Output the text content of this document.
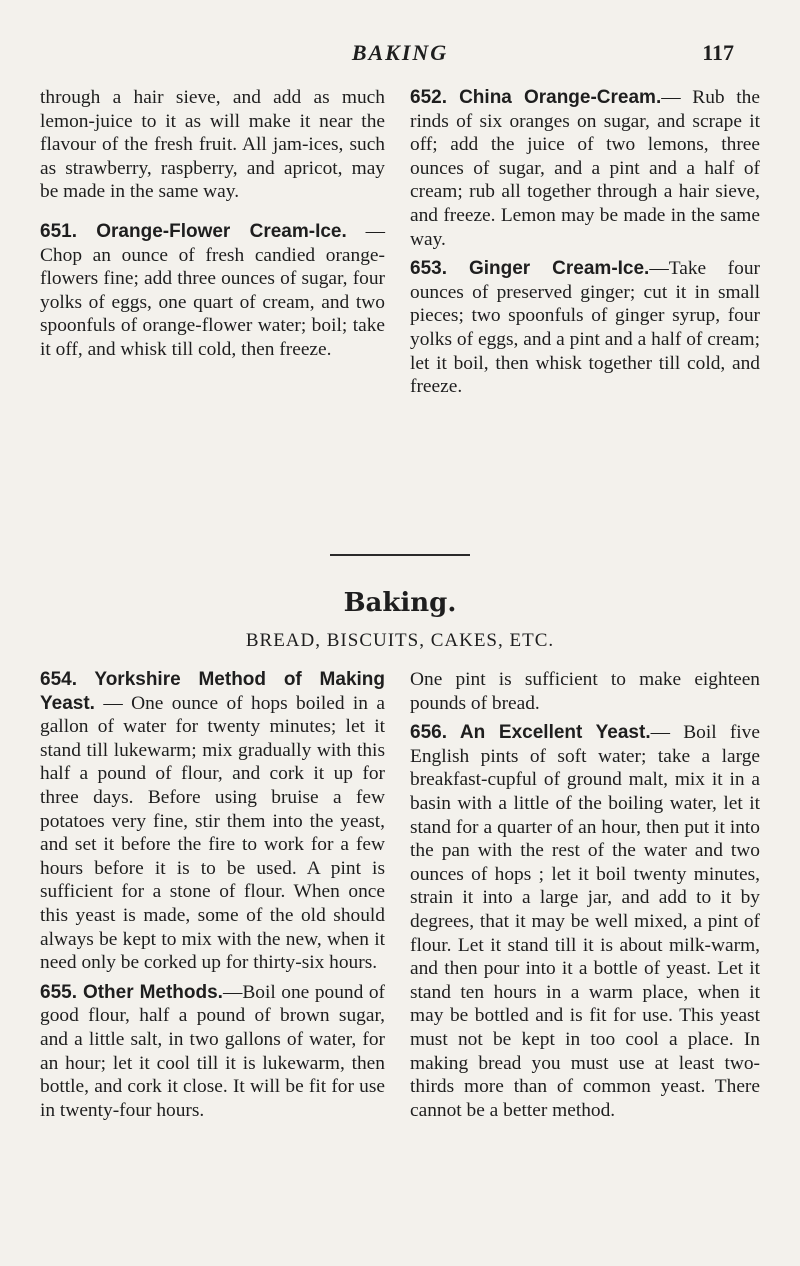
BAKING	117

through a hair sieve, and add as much lemon-juice to it as will make it near the flavour of the fresh fruit. All jam-ices, such as strawberry, raspberry, and apricot, may be made in the same way.

651. Orange-Flower Cream-Ice. — Chop an ounce of fresh candied orange-flowers fine; add three ounces of sugar, four yolks of eggs, one quart of cream, and two spoonfuls of orange-flower water; boil; take it off, and whisk till cold, then freeze.

652. China Orange-Cream.— Rub the rinds of six oranges on sugar, and scrape it off; add the juice of two lemons, three ounces of sugar, and a pint and a half of cream; rub all together through a hair sieve, and freeze. Lemon may be made in the same way.

653. Ginger Cream-Ice.—Take four ounces of preserved ginger; cut it in small pieces; two spoonfuls of ginger syrup, four yolks of eggs, and a pint and a half of cream; let it boil, then whisk together till cold, and freeze.

Baking.
BREAD, BISCUITS, CAKES, ETC.

654. Yorkshire Method of Making Yeast. — One ounce of hops boiled in a gallon of water for twenty minutes; let it stand till lukewarm; mix gradually with this half a pound of flour, and cork it up for three days. Before using bruise a few potatoes very fine, stir them into the yeast, and set it before the fire to work for a few hours before it is to be used. A pint is sufficient for a stone of flour. When once this yeast is made, some of the old should always be kept to mix with the new, when it need only be corked up for thirty-six hours.

655. Other Methods.—Boil one pound of good flour, half a pound of brown sugar, and a little salt, in two gallons of water, for an hour; let it cool till it is lukewarm, then bottle, and cork it close. It will be fit for use in twenty-four hours.

One pint is sufficient to make eighteen pounds of bread.

656. An Excellent Yeast.— Boil five English pints of soft water; take a large breakfast-cupful of ground malt, mix it in a basin with a little of the boiling water, let it stand for a quarter of an hour, then put it into the pan with the rest of the water and two ounces of hops ; let it boil twenty minutes, strain it into a large jar, and add to it by degrees, that it may be well mixed, a pint of flour. Let it stand till it is about milk-warm, and then pour into it a bottle of yeast. Let it stand ten hours in a warm place, when it may be bottled and is fit for use. This yeast must not be kept in too cool a place. In making bread you must use at least two-thirds more than of common yeast. There cannot be a better method.
